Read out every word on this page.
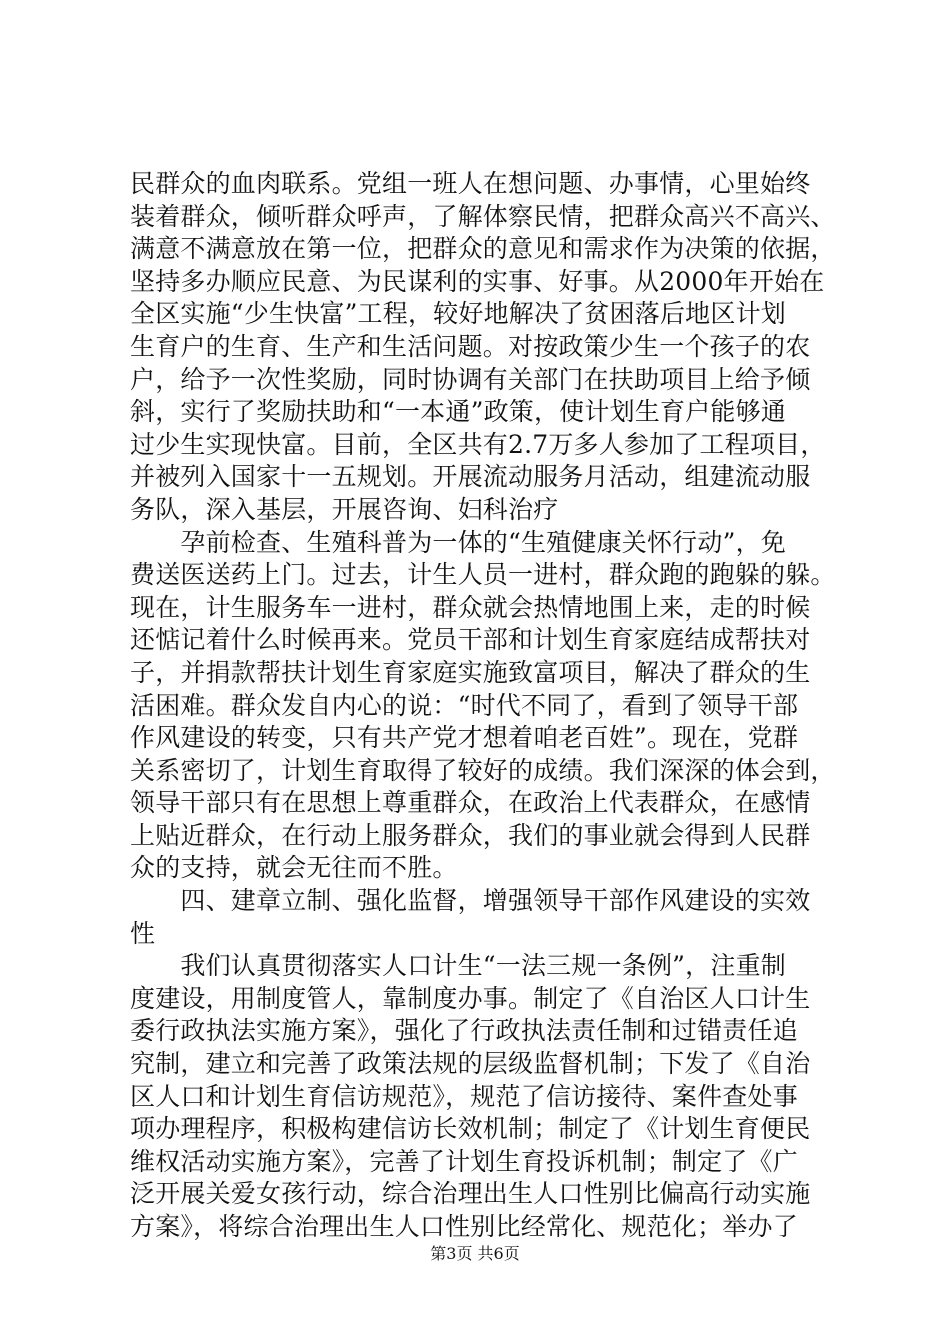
民群众的血肉联系。党组一班人在想问题、办事情，心里始终
装着群众，倾听群众呼声，了解体察民情，把群众高兴不高兴、
满意不满意放在第一位，把群众的意见和需求作为决策的依据，
坚持多办顺应民意、为民谋利的实事、好事。从2000年开始在
全区实施“少生快富”工程，较好地解决了贫困落后地区计划
生育户的生育、生产和生活问题。对按政策少生一个孩子的农
户，给予一次性奖励，同时协调有关部门在扶助项目上给予倾
斜，实行了奖励扶助和“一本通”政策，使计划生育户能够通
过少生实现快富。目前，全区共有2.7万多人参加了工程项目，
并被列入国家十一五规划。开展流动服务月活动，组建流动服
务队，深入基层，开展咨询、妇科治疗
　　孕前检查、生殖科普为一体的“生殖健康关怀行动”，免
费送医送药上门。过去，计生人员一进村，群众跑的跑躲的躲。
现在，计生服务车一进村，群众就会热情地围上来，走的时候
还惦记着什么时候再来。党员干部和计划生育家庭结成帮扶对
子，并捐款帮扶计划生育家庭实施致富项目，解决了群众的生
活困难。群众发自内心的说：“时代不同了，看到了领导干部
作风建设的转变，只有共产党才想着咱老百姓”。现在，党群
关系密切了，计划生育取得了较好的成绩。我们深深的体会到，
领导干部只有在思想上尊重群众，在政治上代表群众，在感情
上贴近群众，在行动上服务群众，我们的事业就会得到人民群
众的支持，就会无往而不胜。
　　四、建章立制、强化监督，增强领导干部作风建设的实效
性
　　我们认真贯彻落实人口计生“一法三规一条例”，注重制
度建设，用制度管人，靠制度办事。制定了《自治区人口计生
委行政执法实施方案》，强化了行政执法责任制和过错责任追
究制，建立和完善了政策法规的层级监督机制；下发了《自治
区人口和计划生育信访规范》，规范了信访接待、案件查处事
项办理程序，积极构建信访长效机制；制定了《计划生育便民
维权活动实施方案》，完善了计划生育投诉机制；制定了《广
泛开展关爱女孩行动，综合治理出生人口性别比偏高行动实施
方案》，将综合治理出生人口性别比经常化、规范化；举办了
第3页 共6页
